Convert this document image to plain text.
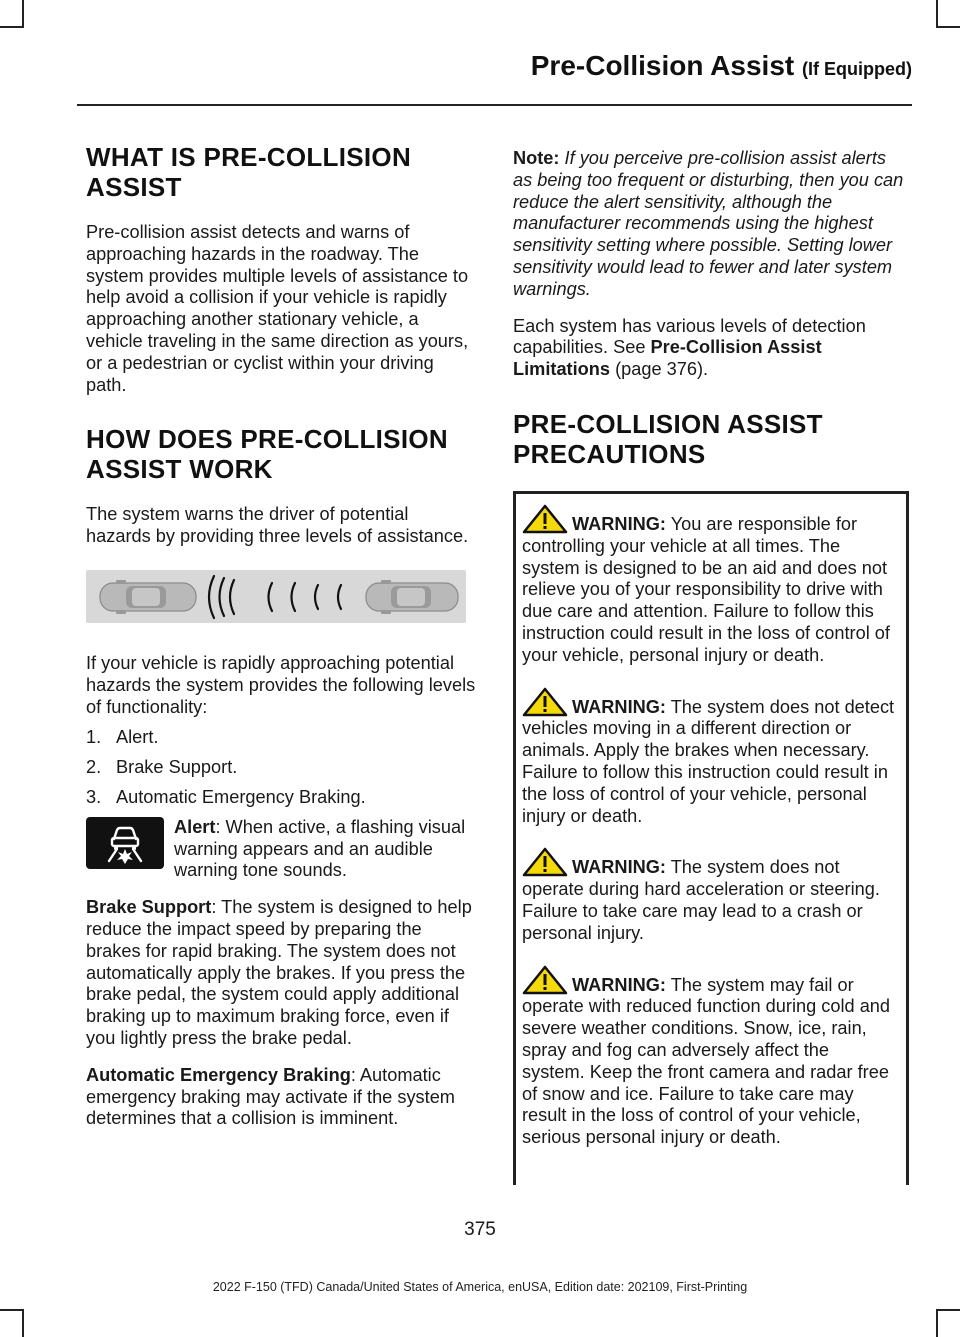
Pre-Collision Assist (If Equipped)
WHAT IS PRE-COLLISION
ASSIST

Pre-collision assist detects and warns of approaching hazards in the roadway. The system provides multiple levels of assistance to help avoid a collision if your vehicle is rapidly approaching another stationary vehicle, a vehicle traveling in the same direction as yours, or a pedestrian or cyclist within your driving path.

HOW DOES PRE-COLLISION
ASSIST WORK

The system warns the driver of potential hazards by providing three levels of assistance.

If your vehicle is rapidly approaching potential hazards the system provides the following levels of functionality:

1. Alert.
2. Brake Support.
3. Automatic Emergency Braking.

Alert: When active, a flashing visual warning appears and an audible warning tone sounds.

Brake Support: The system is designed to help reduce the impact speed by preparing the brakes for rapid braking. The system does not automatically apply the brakes. If you press the brake pedal, the system could apply additional braking up to maximum braking force, even if you lightly press the brake pedal.

Automatic Emergency Braking: Automatic emergency braking may activate if the system determines that a collision is imminent.

Note: If you perceive pre-collision assist alerts as being too frequent or disturbing, then you can reduce the alert sensitivity, although the manufacturer recommends using the highest sensitivity setting where possible. Setting lower sensitivity would lead to fewer and later system warnings.

Each system has various levels of detection capabilities. See Pre-Collision Assist Limitations (page 376).

PRE-COLLISION ASSIST
PRECAUTIONS

WARNING: You are responsible for controlling your vehicle at all times. The system is designed to be an aid and does not relieve you of your responsibility to drive with due care and attention. Failure to follow this instruction could result in the loss of control of your vehicle, personal injury or death.

WARNING: The system does not detect vehicles moving in a different direction or animals. Apply the brakes when necessary. Failure to follow this instruction could result in the loss of control of your vehicle, personal injury or death.

WARNING: The system does not operate during hard acceleration or steering. Failure to take care may lead to a crash or personal injury.

WARNING: The system may fail or operate with reduced function during cold and severe weather conditions. Snow, ice, rain, spray and fog can adversely affect the system. Keep the front camera and radar free of snow and ice. Failure to take care may result in the loss of control of your vehicle, serious personal injury or death.

375
2022 F-150 (TFD) Canada/United States of America, enUSA, Edition date: 202109, First-Printing
